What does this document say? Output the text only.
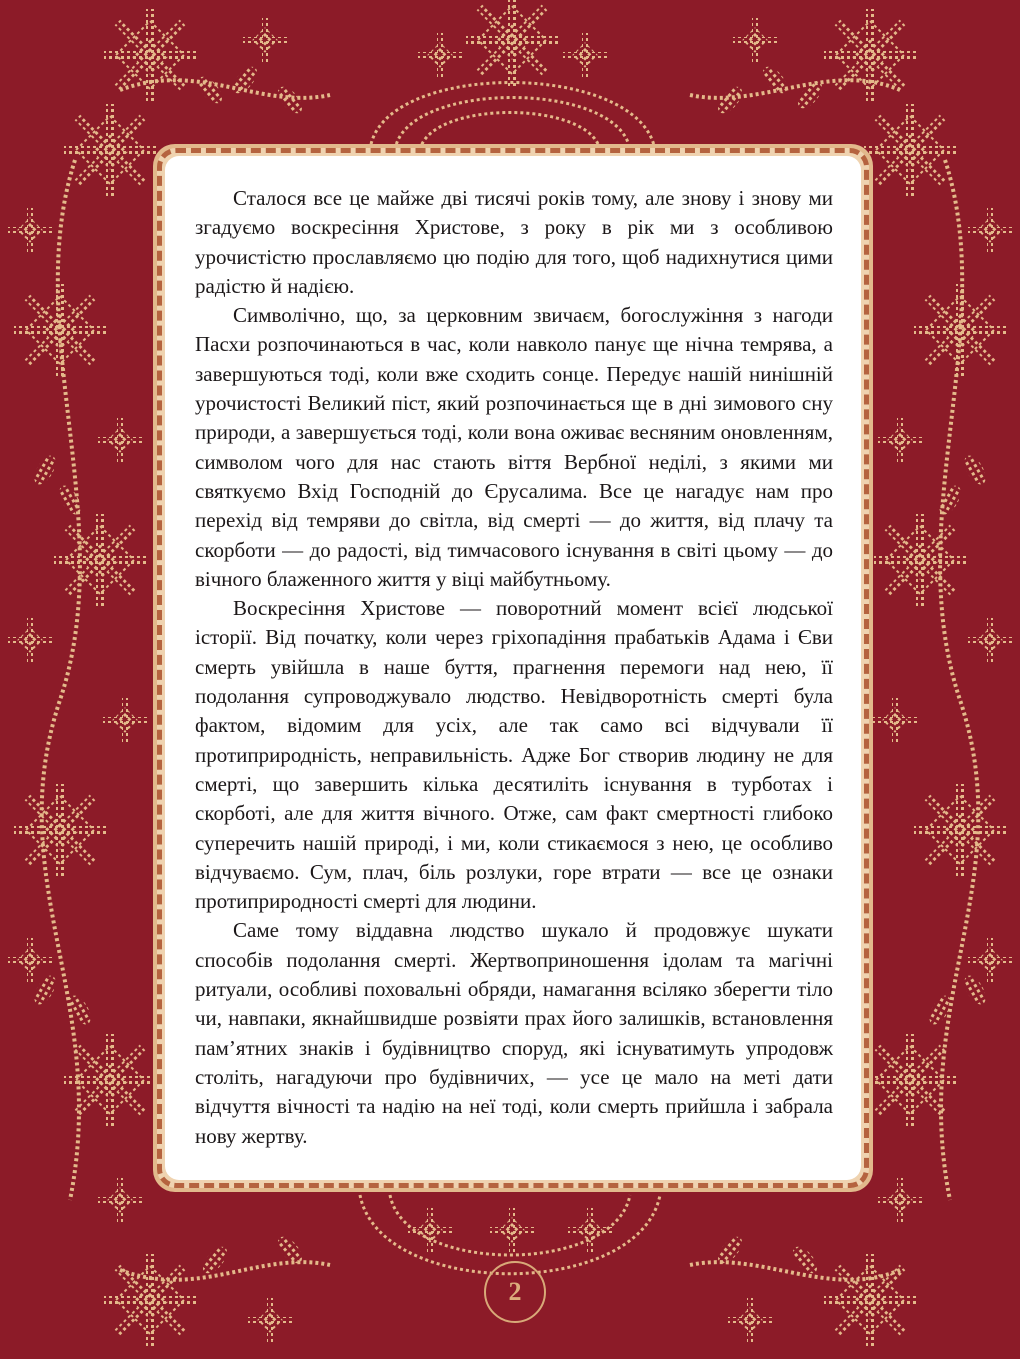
Сталося все це майже дві тисячі років тому, але знову і знову ми згадуємо воскресіння Христове, з року в рік ми з особливою урочистістю прославляємо цю подію для того, щоб надихнутися цими радістю й надією.

Символічно, що, за церковним звичаєм, богослужіння з нагоди Пасхи розпочинаються в час, коли навколо панує ще нічна темрява, а завершуються тоді, коли вже сходить сонце. Передує нашій нинішній урочистості Великий піст, який розпочинається ще в дні зимового сну природи, а завершується тоді, коли вона оживає весняним оновленням, символом чого для нас стають віття Вербної неділі, з якими ми святкуємо Вхід Господній до Єрусалима. Все це нагадує нам про перехід від темряви до світла, від смерті — до життя, від плачу та скорботи — до радості, від тимчасового існування в світі цьому — до вічного блаженного життя у віці майбутньому.

Воскресіння Христове — поворотний момент всієї людської історії. Від початку, коли через гріхопадіння прабатьків Адама і Єви смерть увійшла в наше буття, прагнення перемоги над нею, її подолання супроводжувало людство. Невідворотність смерті була фактом, відомим для усіх, але так само всі відчували її протиприродність, неправильність. Адже Бог створив людину не для смерті, що завершить кілька десятиліть існування в турботах і скорботі, але для життя вічного. Отже, сам факт смертності глибоко суперечить нашій природі, і ми, коли стикаємося з нею, це особливо відчуваємо. Сум, плач, біль розлуки, горе втрати — все це ознаки протиприродності смерті для людини.

Саме тому віддавна людство шукало й продовжує шукати способів подолання смерті. Жертвоприношення ідолам та магічні ритуали, особливі поховальні обряди, намагання всіляко зберегти тіло чи, навпаки, якнайшвидше розвіяти прах його залишків, встановлення пам’ятних знаків і будівництво споруд, які існуватимуть упродовж століть, нагадуючи про будівничих, — усе це мало на меті дати відчуття вічності та надію на неї тоді, коли смерть прийшла і забрала нову жертву.

2
